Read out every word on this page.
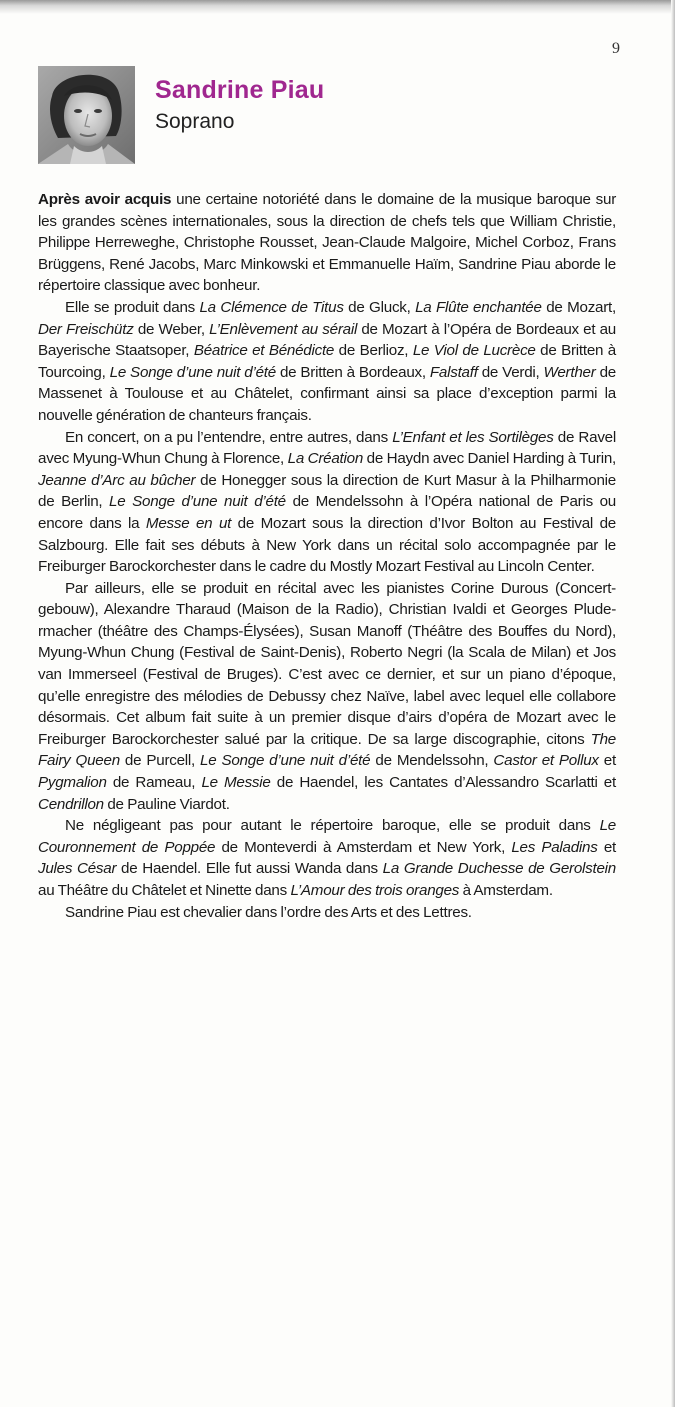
9
Sandrine Piau
Soprano

Après avoir acquis une certaine notoriété dans le domaine de la musique baroque sur les grandes scènes internationales, sous la direction de chefs tels que William Christie, Philippe Herreweghe, Christophe Rousset, Jean-Claude Malgoire, Michel Corboz, Frans Brüggens, René Jacobs, Marc Minkowski et Emmanuelle Haïm, Sandrine Piau aborde le répertoire classique avec bonheur.

Elle se produit dans La Clémence de Titus de Gluck, La Flûte enchantée de Mozart, Der Freischütz de Weber, L’Enlèvement au sérail de Mozart à l’Opéra de Bordeaux et au Bayerische Staatsoper, Béatrice et Bénédicte de Berlioz, Le Viol de Lucrèce de Britten à Tourcoing, Le Songe d’une nuit d’été de Britten à Bordeaux, Falstaff de Verdi, Werther de Massenet à Toulouse et au Châtelet, confirmant ainsi sa place d’exception parmi la nouvelle génération de chanteurs français.

En concert, on a pu l’entendre, entre autres, dans L’Enfant et les Sortilèges de Ravel avec Myung-Whun Chung à Florence, La Création de Haydn avec Daniel Harding à Turin, Jeanne d’Arc au bûcher de Honegger sous la direction de Kurt Masur à la Philharmonie de Berlin, Le Songe d’une nuit d’été de Mendelssohn à l’Opéra national de Paris ou encore dans la Messe en ut de Mozart sous la direction d’Ivor Bolton au Festival de Salzbourg. Elle fait ses débuts à New York dans un récital solo accompagnée par le Freiburger Barockorchester dans le cadre du Mostly Mozart Festival au Lincoln Center.

Par ailleurs, elle se produit en récital avec les pianistes Corine Durous (Concert-gebouw), Alexandre Tharaud (Maison de la Radio), Christian Ivaldi et Georges Plude-rmacher (théâtre des Champs-Élysées), Susan Manoff (Théâtre des Bouffes du Nord), Myung-Whun Chung (Festival de Saint-Denis), Roberto Negri (la Scala de Milan) et Jos van Immerseel (Festival de Bruges). C’est avec ce dernier, et sur un piano d’époque, qu’elle enregistre des mélodies de Debussy chez Naïve, label avec lequel elle collabore désormais. Cet album fait suite à un premier disque d’airs d’opéra de Mozart avec le Freiburger Barockorchester salué par la critique. De sa large discographie, citons The Fairy Queen de Purcell, Le Songe d’une nuit d’été de Mendelssohn, Castor et Pollux et Pygmalion de Rameau, Le Messie de Haendel, les Cantates d’Alessandro Scarlatti et Cendrillon de Pauline Viardot.

Ne négligeant pas pour autant le répertoire baroque, elle se produit dans Le Couronnement de Poppée de Monteverdi à Amsterdam et New York, Les Paladins et Jules César de Haendel. Elle fut aussi Wanda dans La Grande Duchesse de Gerolstein au Théâtre du Châtelet et Ninette dans L’Amour des trois oranges à Amsterdam.

Sandrine Piau est chevalier dans l’ordre des Arts et des Lettres.
